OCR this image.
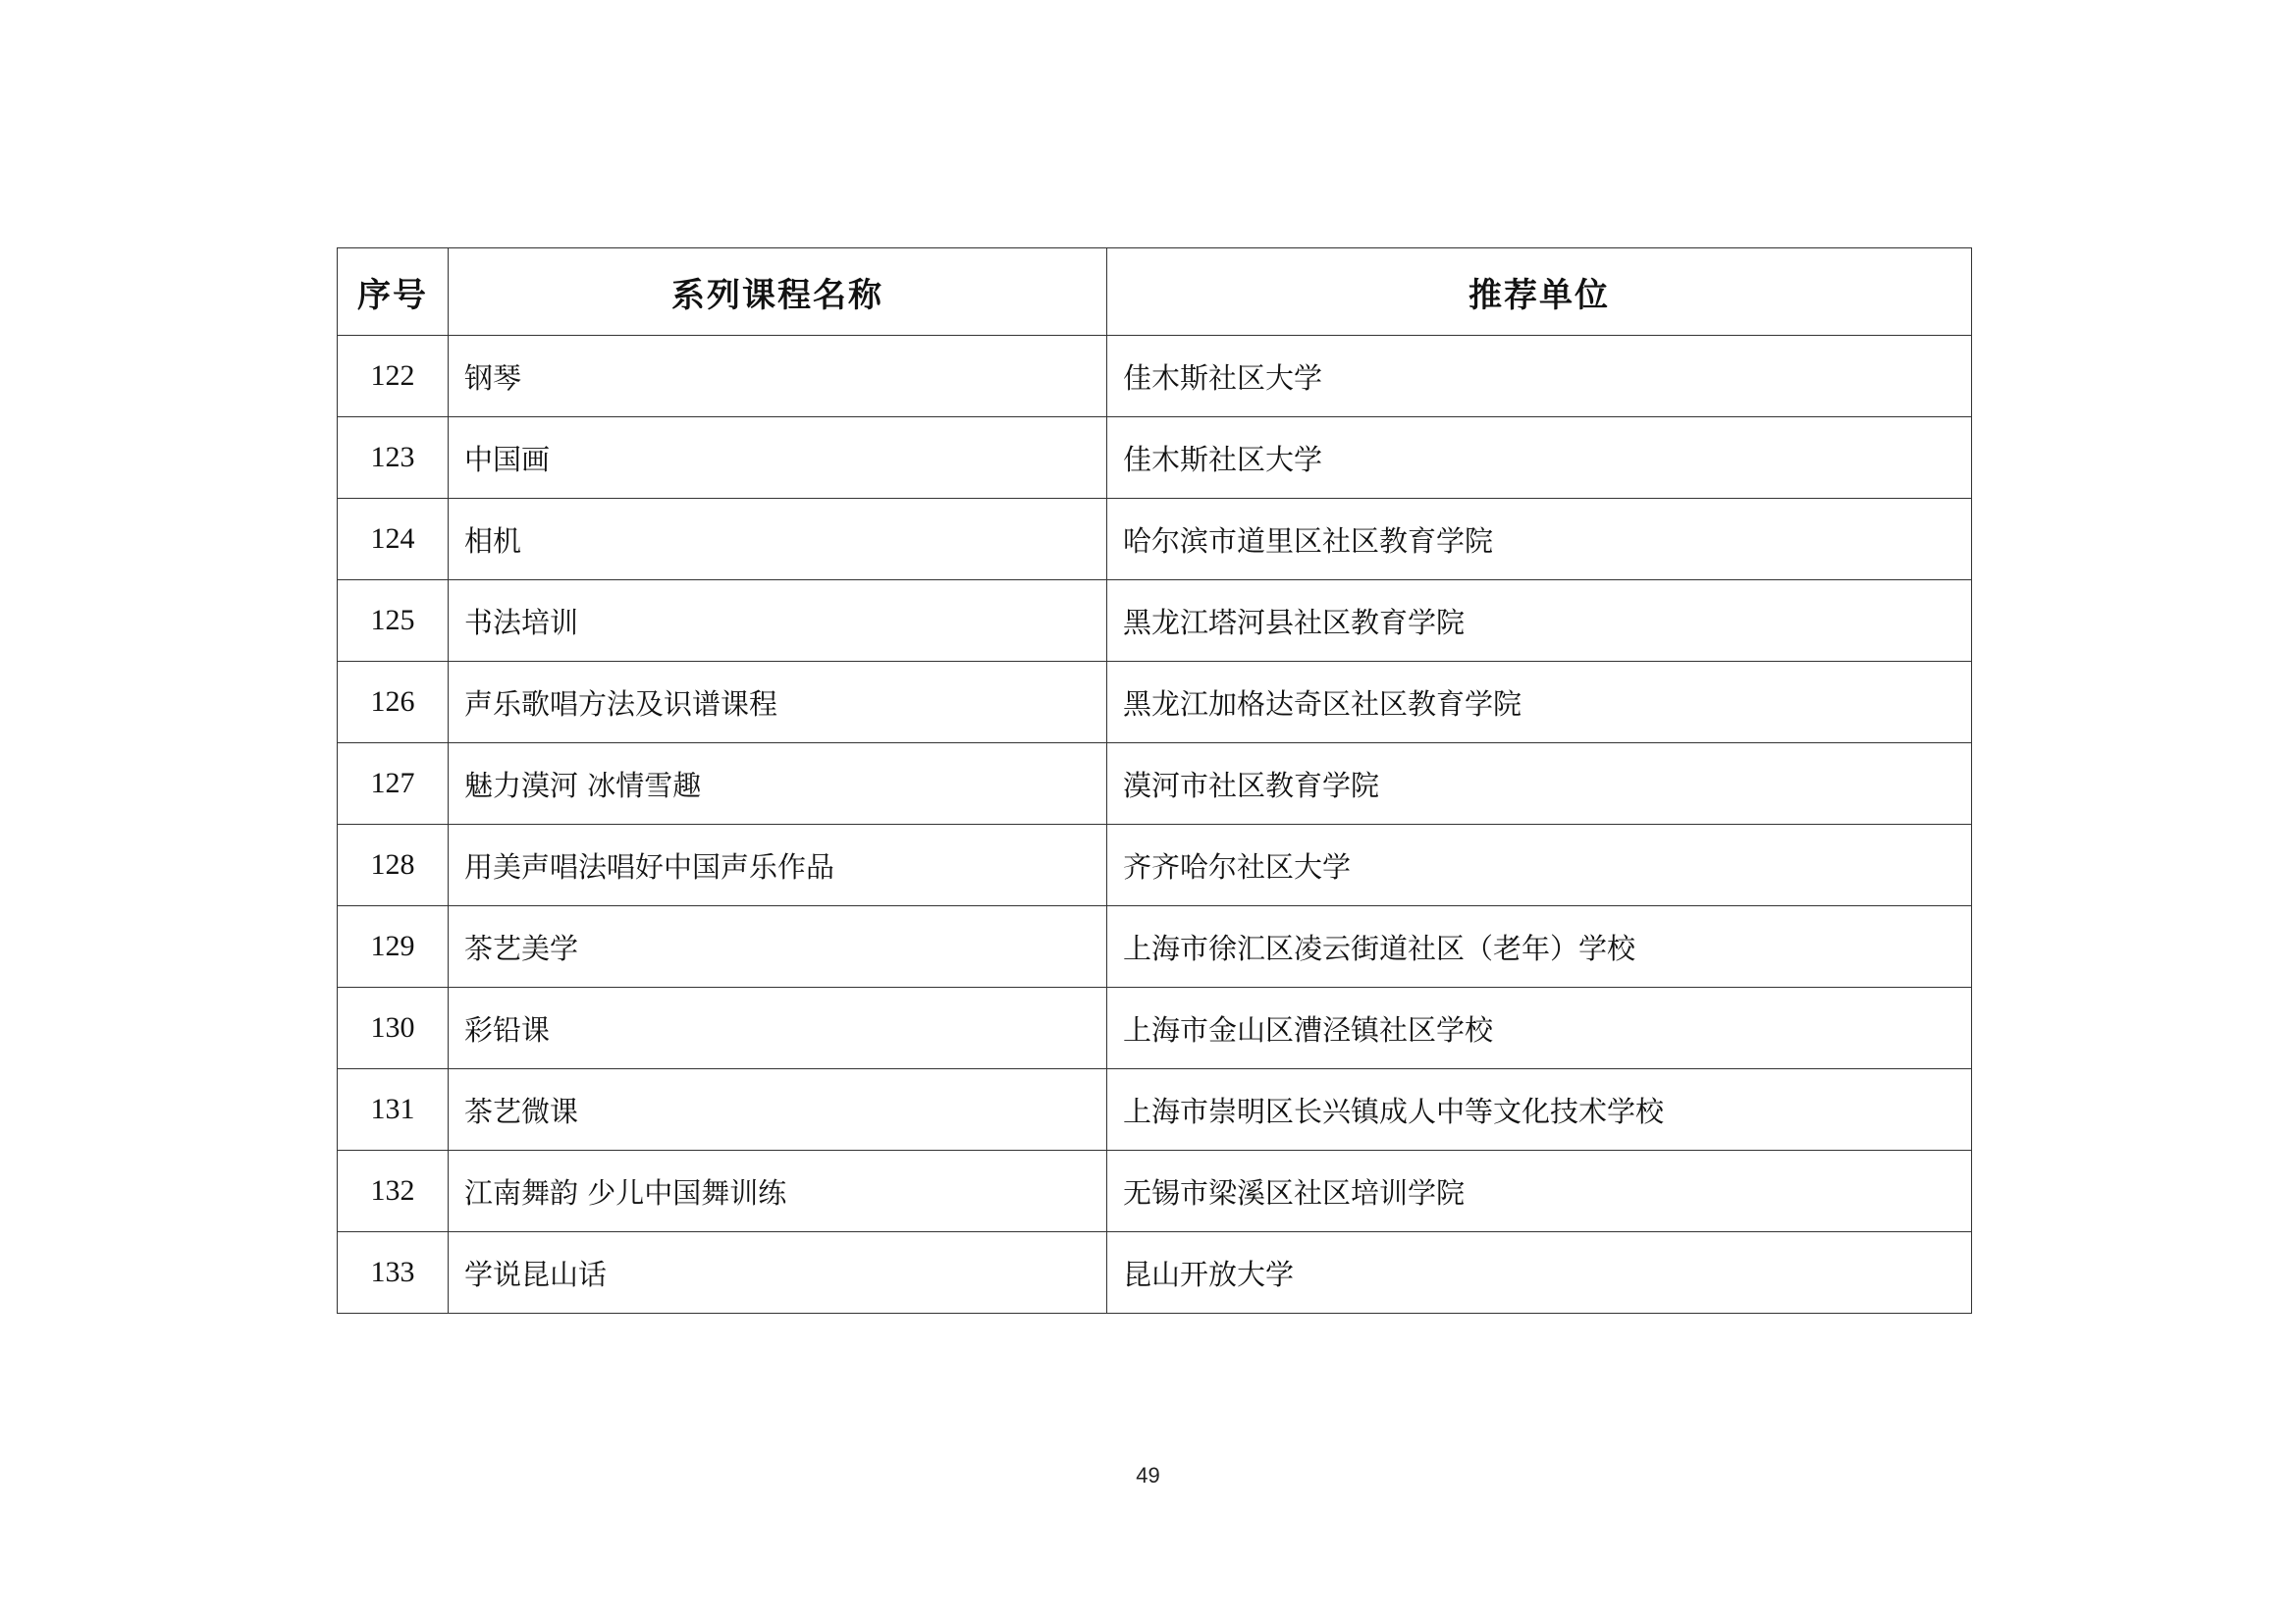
序号	系列课程名称	推荐单位
122	钢琴	佳木斯社区大学
123	中国画	佳木斯社区大学
124	相机	哈尔滨市道里区社区教育学院
125	书法培训	黑龙江塔河县社区教育学院
126	声乐歌唱方法及识谱课程	黑龙江加格达奇区社区教育学院
127	魅力漠河 冰情雪趣	漠河市社区教育学院
128	用美声唱法唱好中国声乐作品	齐齐哈尔社区大学
129	茶艺美学	上海市徐汇区凌云街道社区（老年）学校
130	彩铅课	上海市金山区漕泾镇社区学校
131	茶艺微课	上海市崇明区长兴镇成人中等文化技术学校
132	江南舞韵 少儿中国舞训练	无锡市梁溪区社区培训学院
133	学说昆山话	昆山开放大学
49
